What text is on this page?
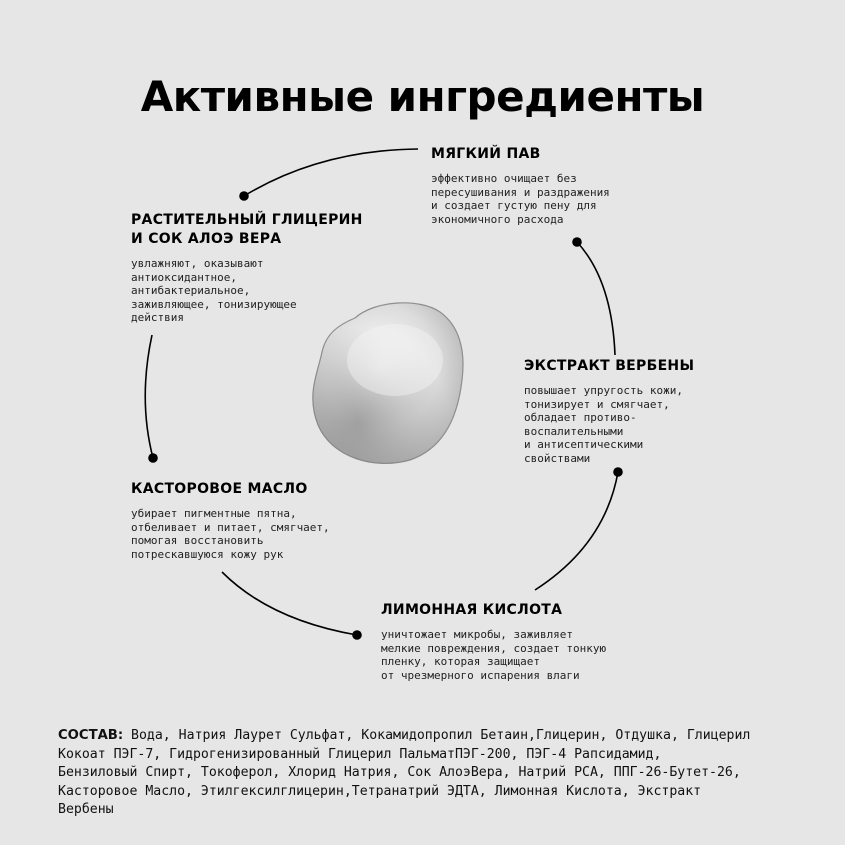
Активные ингредиенты
МЯГКИЙ ПАВ

эффективно очищает без
пересушивания и раздражения
и создает густую пену для
экономичного расхода

РАСТИТЕЛЬНЫЙ ГЛИЦЕРИН
И СОК АЛОЭ ВЕРА

увлажняют, оказывают
антиоксидантное,
антибактериальное,
заживляющее, тонизирующее
действия

ЭКСТРАКТ ВЕРБЕНЫ

повышает упругость кожи,
тонизирует и смягчает,
обладает противо-
воспалительными
и антисептическими
свойствами

КАСТОРОВОЕ МАСЛО

убирает пигментные пятна,
отбеливает и питает, смягчает,
помогая восстановить
потрескавшуюся кожу рук

ЛИМОННАЯ КИСЛОТА

уничтожает микробы, заживляет
мелкие повреждения, создает тонкую
пленку, которая защищает
от чрезмерного испарения влаги

СОСТАВ: Вода, Натрия Лаурет Сульфат, Кокамидопропил Бетаин,Глицерин, Отдушка, Глицерил
Кокоат ПЭГ-7, Гидрогенизированный Глицерил ПальматПЭГ-200, ПЭГ-4 Рапсидамид,
Бензиловый Спирт, Токоферол, Хлорид Натрия, Сок АлоэВера, Натрий PCA, ППГ-26-Бутет-26,
Касторовое Масло, Этилгексилглицерин,Тетранатрий ЭДТА, Лимонная Кислота, Экстракт
Вербены
